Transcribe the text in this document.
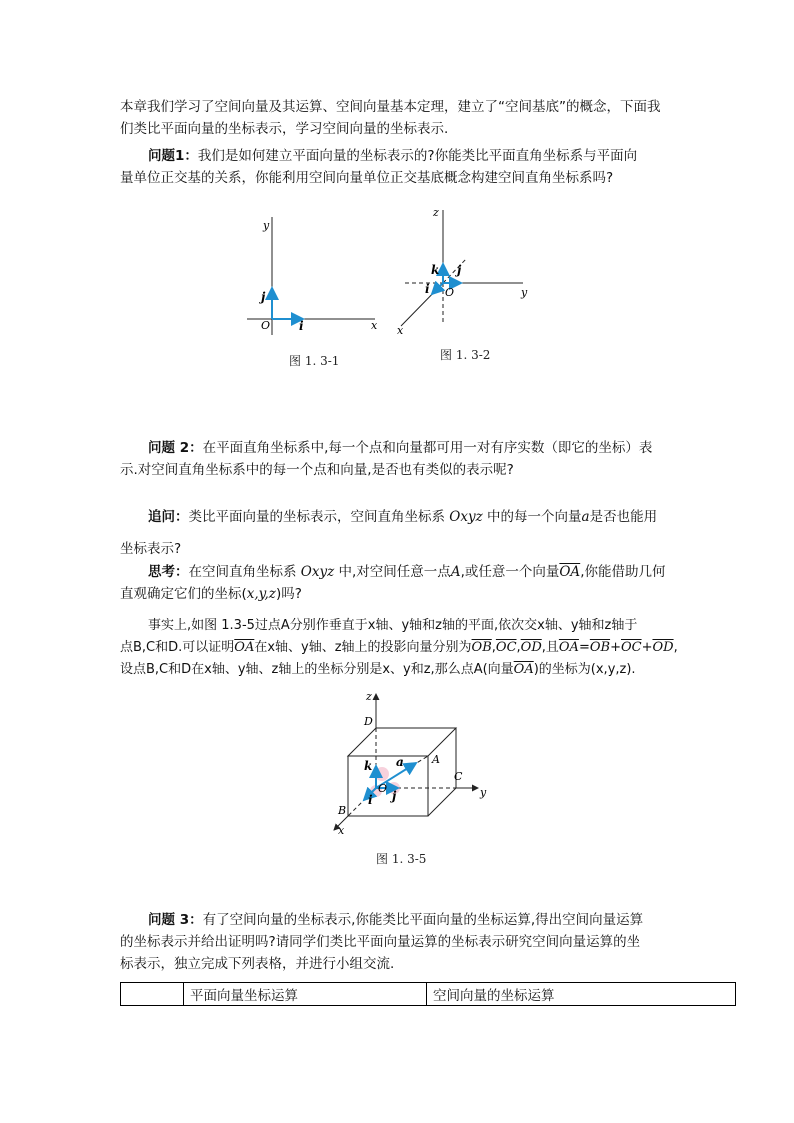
本章我们学习了空间向量及其运算、空间向量基本定理，建立了“空间基底”的概念，下面我
们类比平面向量的坐标表示，学习空间向量的坐标表示.

问题1：我们是如何建立平面向量的坐标表示的?你能类比平面直角坐标系与平面向
量单位正交基的关系，你能利用空间向量单位正交基底概念构建空间直角坐标系吗?

y
x
O i
j
图 1. 3-1
z
y
x
O
k j
i
图 1. 3-2

问题 2：在平面直角坐标系中,每一个点和向量都可用一对有序实数（即它的坐标）表
示.对空间直角坐标系中的每一个点和向量,是否也有类似的表示呢?

追问：类比平面向量的坐标表示，空间直角坐标系 Oxyz 中的每一个向量a是否也能用

坐标表示?

思考：在空间直角坐标系 Oxyz 中,对空间任意一点A,或任意一个向量$\overline{OA}$,你能借助几何
直观确定它们的坐标(x,y,z)吗?

事实上,如图 1.3-5过点A分别作垂直于x轴、y轴和z轴的平面,依次交x轴、y轴和z轴于
点B,C和D.可以证明$\overline{OA}$在x轴、y轴、z轴上的投影向量分别为$\overline{OB},\overline{OC},\overline{OD}$,且$\overline{OA}=\overline{OB}+\overline{OC}+\overline{OD}$,
设点B,C和D在x轴、y轴、z轴上的坐标分别是x、y和z,那么点A(向量$\overline{OA}$)的坐标为(x,y,z).

z
D
A
C
y
B
x
O
a
k
j
i
图 1. 3-5

问题 3：有了空间向量的坐标表示,你能类比平面向量的坐标运算,得出空间向量运算
的坐标表示并给出证明吗?请同学们类比平面向量运算的坐标表示研究空间向量运算的坐
标表示，独立完成下列表格，并进行小组交流.

	平面向量坐标运算	空间向量的坐标运算
